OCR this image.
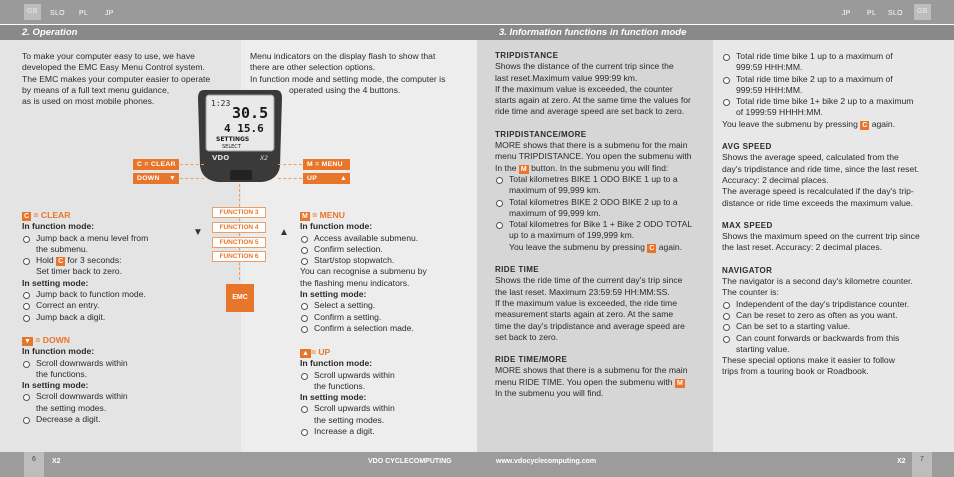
GB	SLO PL JP	JP PL SLO	GB
2. Operation	3. Information functions in function mode
6	X2	VDO CYCLECOMPUTING	www.vdocyclecomputing.com	X2	7

To make your computer easy to use, we have

developed the EMC Easy Menu Control system.

The EMC makes your computer easier to operate

by means of a full text menu guidance,

as is used on most mobile phones.

Menu indicators on the display flash to show that

there are other selection options.

In function mode and setting mode, the computer is

operated using the 4 buttons.

1:23
30.5
4 15.6
SETTINGS
SELECT
VDO	X2
C = CLEAR
DOWN ▼
M = MENU
UP	▲
▼	▲
FUNCTION 3
FUNCTION 4
FUNCTION 5
FUNCTION 6
EMC

C = CLEAR

In function mode:

Jump back a menu level from
the submenu.
Hold C for 3 seconds:
Set timer back to zero.

In setting mode:

Jump back to function mode.
Correct an entry.
Jump back a digit.

▼ = DOWN

In function mode:

Scroll downwards within
the functions.

In setting mode:

Scroll downwards within
the setting modes.
Decrease a digit.

M = MENU

In function mode:

Access available submenu.
Confirm selection.
Start/stop stopwatch.

You can recognise a submenu by

the flashing menu indicators.

In setting mode:

Select a setting.
Confirm a setting.
Confirm a selection made.

▲ = UP

In function mode:

Scroll upwards within
the functions.

In setting mode:

Scroll upwards within
the setting modes.
Increase a digit.

TRIPDISTANCE

Shows the distance of the current trip since the

last reset.Maximum value 999:99 km.

If the maximum value is exceeded, the counter

starts again at zero. At the same time the values for

ride time and average speed are set back to zero.

TRIPDISTANCE/MORE

MORE shows that there is a submenu for the main

menu TRIPDISTANCE. You open the submenu with

In the M button. In the submenu you will find:

Total kilometres BIKE 1 ODO BIKE 1 up to a
maximum of 99,999 km.
Total kilometres BIKE 2 ODO BIKE 2 up to a
maximum of 99,999 km.
Total kilometres for Bike 1 + Bike 2 ODO TOTAL
up to a maximum of 199,999 km.
You leave the submenu by pressing C again.

RIDE TIME

Shows the ride time of the current day's trip since

the last reset. Maximum 23:59:59 HH:MM:SS.

If the maximum value is exceeded, the ride time

measurement starts again at zero. At the same

time the day's tripdistance and average speed are

set back to zero.

RIDE TIME/MORE

MORE shows that there is a submenu for the main

menu RIDE TIME. You open the submenu with M

In the submenu you will find.

Total ride time bike 1 up to a maximum of
999:59 HHH:MM.
Total ride time bike 2 up to a maximum of
999:59 HHH:MM.
Total ride time bike 1+ bike 2 up to a maximum
of 1999:59 HHHH:MM.

You leave the submenu by pressing C again.

AVG SPEED

Shows the average speed, calculated from the

day's tripdistance and ride time, since the last reset.

Accuracy: 2 decimal places.

The average speed is recalculated if the day's trip-

distance or ride time exceeds the maximum value.

MAX SPEED

Shows the maximum speed on the current trip since

the last reset. Accuracy: 2 decimal places.

NAVIGATOR

The navigator is a second day's kilometre counter.

The counter is:

Independent of the day's tripdistance counter.
Can be reset to zero as often as you want.
Can be set to a starting value.
Can count forwards or backwards from this
starting value.

These special options make it easier to follow

trips from a touring book or Roadbook.
